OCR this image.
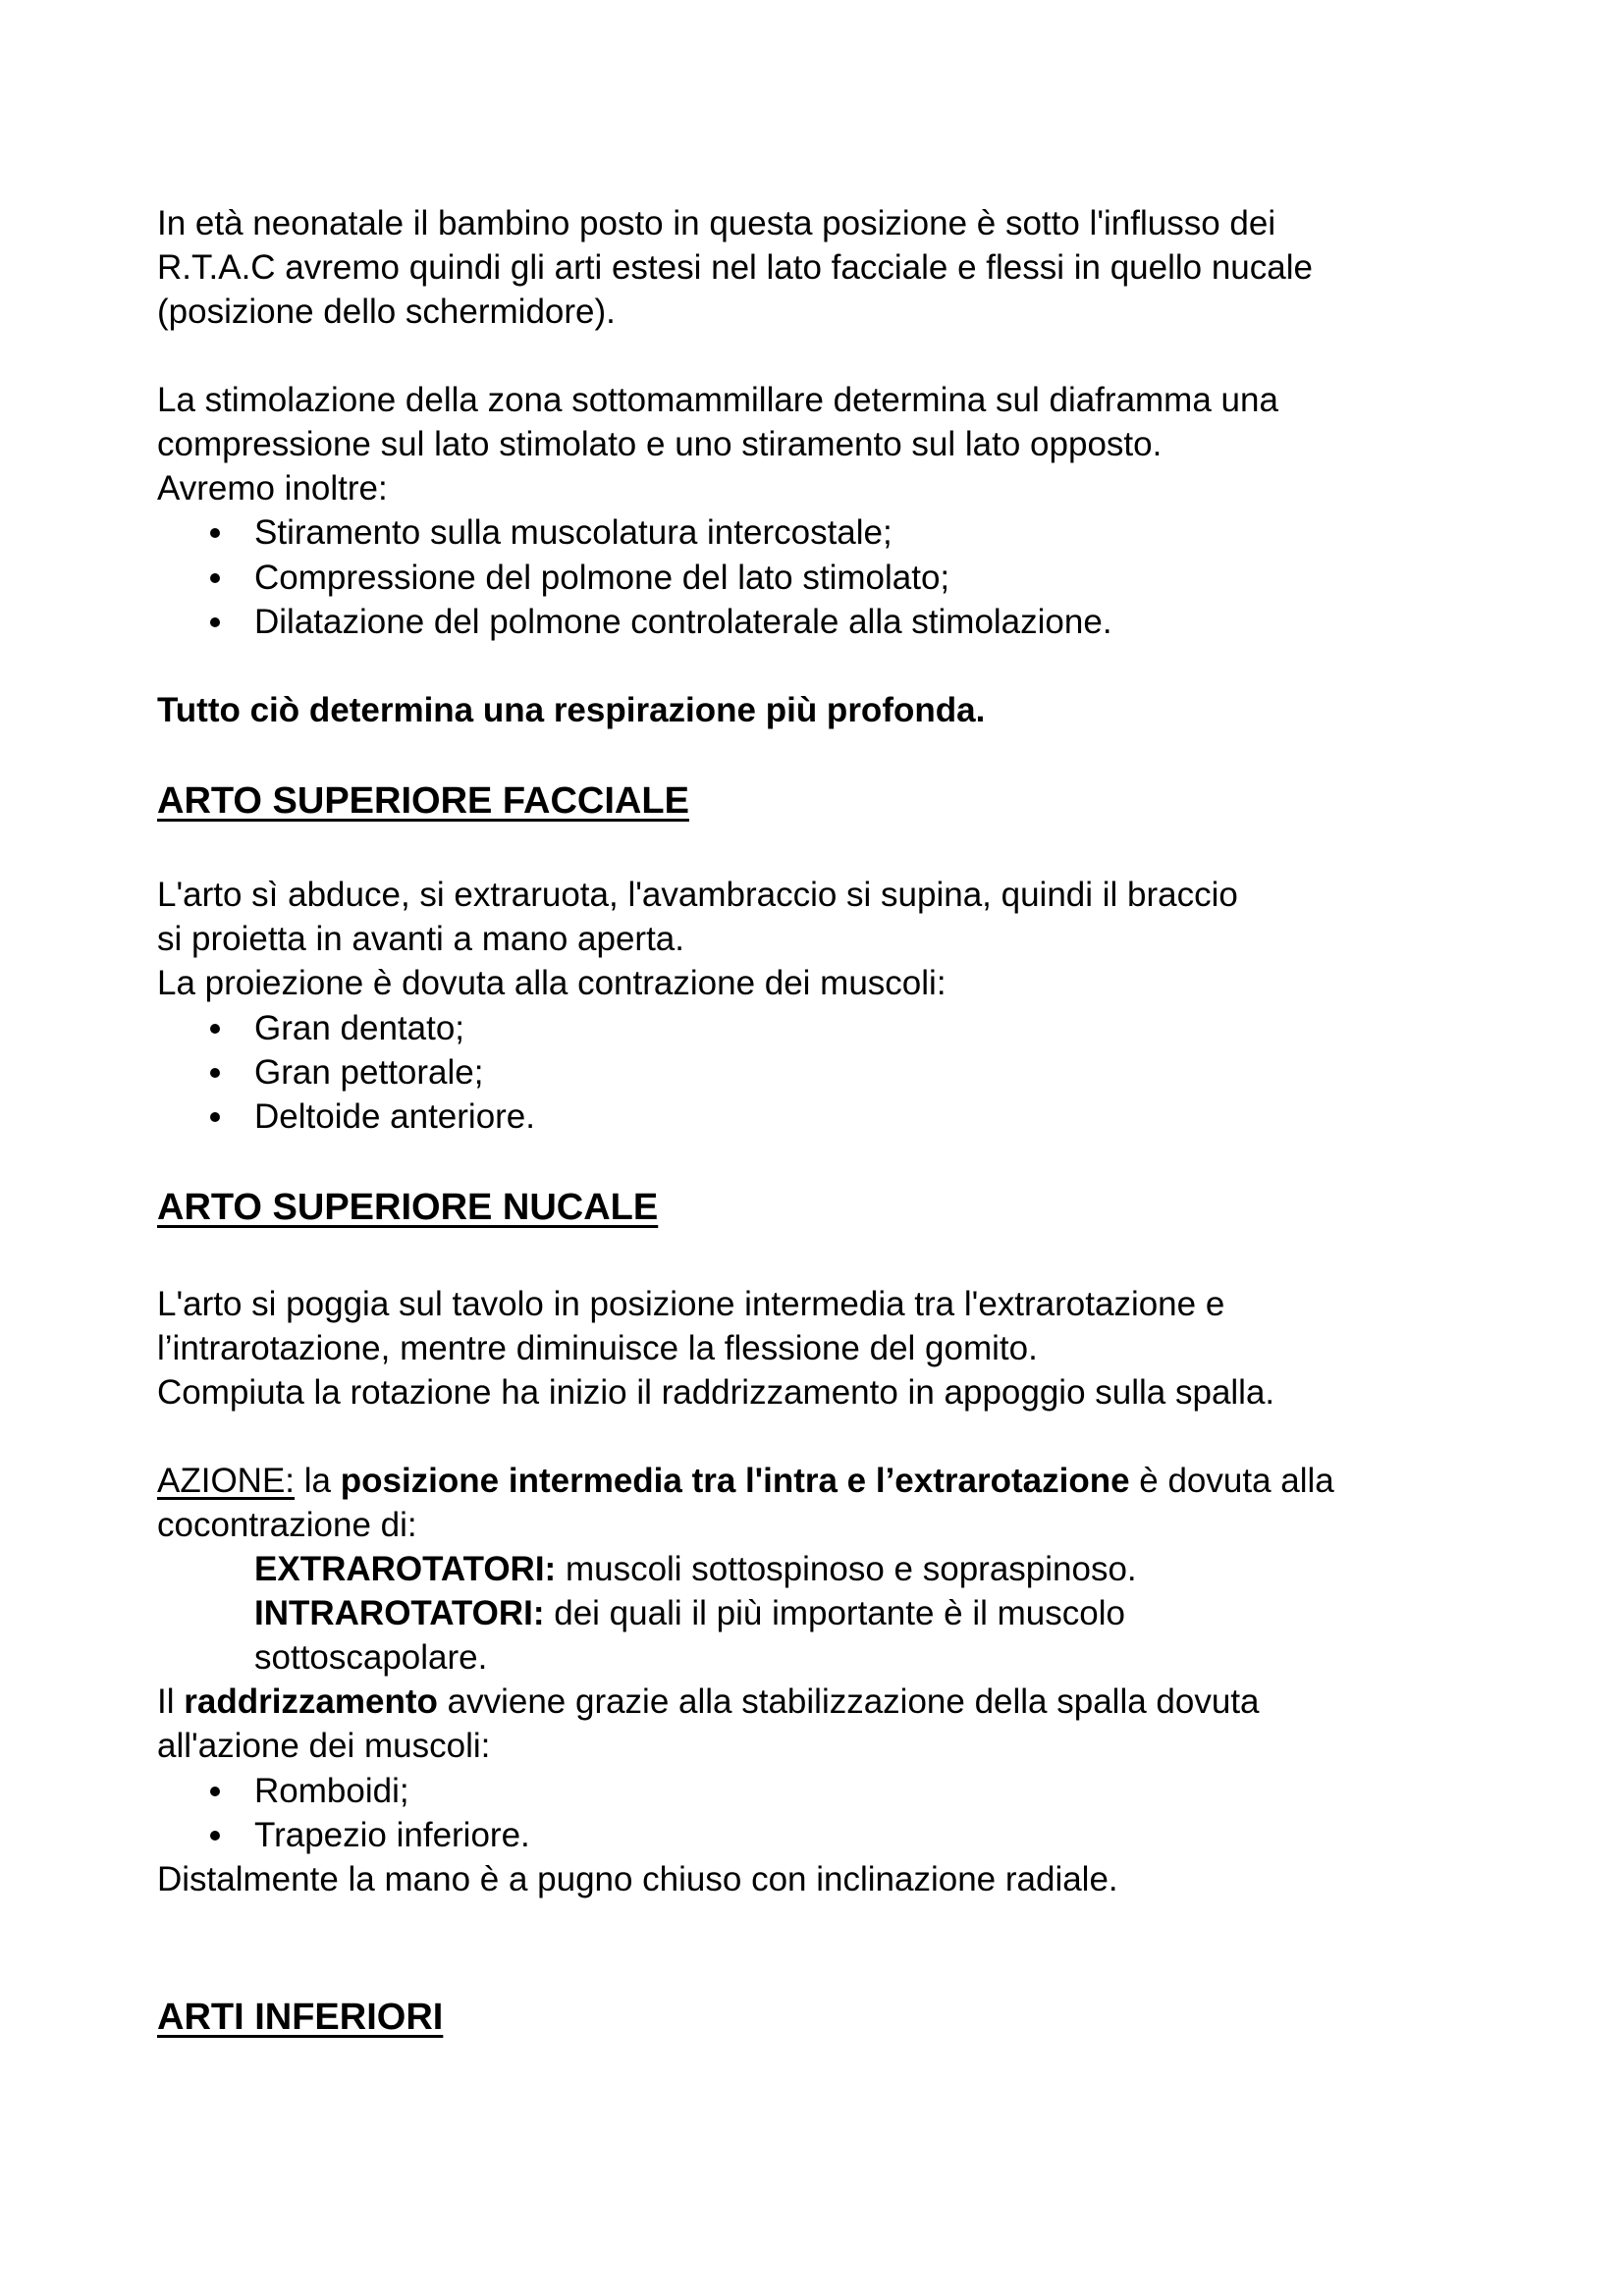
In età neonatale il bambino posto in questa posizione è sotto l'influsso dei
R.T.A.C avremo quindi gli arti estesi nel lato facciale e flessi in quello nucale
(posizione dello schermidore).
La stimolazione della zona sottomammillare determina sul diaframma una
compressione sul lato stimolato e uno stiramento sul lato opposto.
Avremo inoltre:
Stiramento sulla muscolatura intercostale;
Compressione del polmone del lato stimolato;
Dilatazione del polmone controlaterale alla stimolazione.
Tutto ciò determina una respirazione più profonda.
ARTO SUPERIORE FACCIALE
L'arto sì abduce, si extraruota, l'avambraccio si supina, quindi il braccio
si proietta in avanti a mano aperta.
La proiezione è dovuta alla contrazione dei muscoli:
Gran dentato;
Gran pettorale;
Deltoide anteriore.
ARTO SUPERIORE NUCALE
L'arto si poggia sul tavolo in posizione intermedia tra l'extrarotazione e
l’intrarotazione, mentre diminuisce la flessione del gomito.
Compiuta la rotazione ha inizio il raddrizzamento in appoggio sulla spalla.
AZIONE: la posizione intermedia tra l'intra e l’extrarotazione è dovuta alla
cocontrazione di:
EXTRAROTATORI: muscoli sottospinoso e sopraspinoso.
INTRAROTATORI: dei quali il più importante è il muscolo
sottoscapolare.
Il raddrizzamento avviene grazie alla stabilizzazione della spalla dovuta
all'azione dei muscoli:
Romboidi;
Trapezio inferiore.
Distalmente la mano è a pugno chiuso con inclinazione radiale.
ARTI INFERIORI
